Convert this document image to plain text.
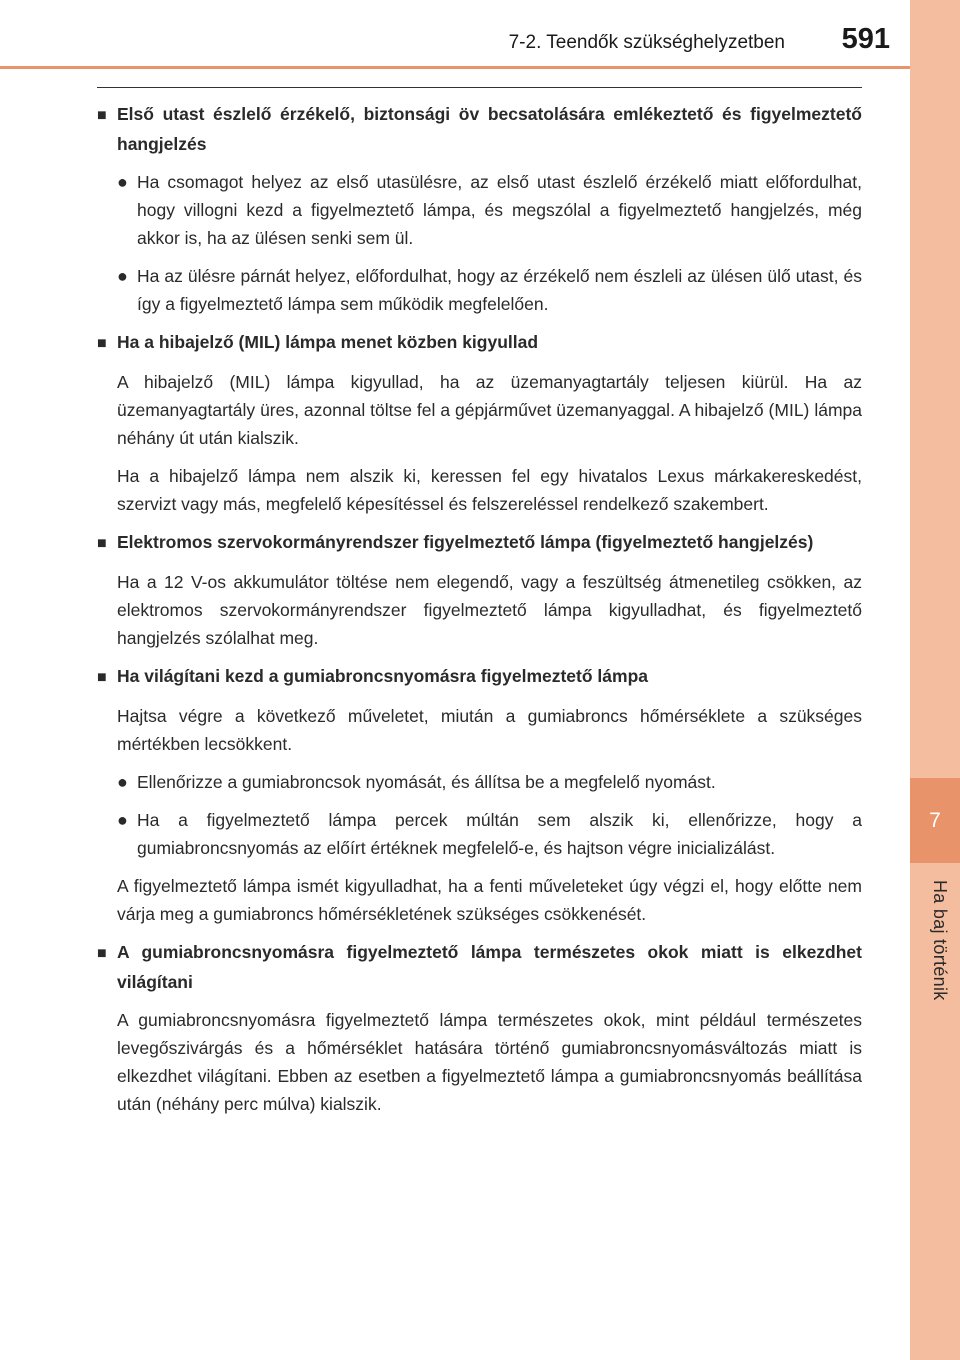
7
Ha baj történik
7-2. Teendők szükséghelyzetben 591
■ Első utast észlelő érzékelő, biztonsági öv becsatolására emlékeztető és figyelmeztető hangjelzés
● Ha csomagot helyez az első utasülésre, az első utast észlelő érzékelő miatt előfordulhat, hogy villogni kezd a figyelmeztető lámpa, és megszólal a figyelmeztető hangjelzés, még akkor is, ha az ülésen senki sem ül.
● Ha az ülésre párnát helyez, előfordulhat, hogy az érzékelő nem észleli az ülésen ülő utast, és így a figyelmeztető lámpa sem működik megfelelően.
■ Ha a hibajelző (MIL) lámpa menet közben kigyullad
A hibajelző (MIL) lámpa kigyullad, ha az üzemanyagtartály teljesen kiürül. Ha az üzemanyagtartály üres, azonnal töltse fel a gépjárművet üzemanyaggal. A hibajelző (MIL) lámpa néhány út után kialszik.
Ha a hibajelző lámpa nem alszik ki, keressen fel egy hivatalos Lexus márkakereskedést, szervizt vagy más, megfelelő képesítéssel és felszereléssel rendelkező szakembert.
■ Elektromos szervokormányrendszer figyelmeztető lámpa (figyelmeztető hangjelzés)
Ha a 12 V-os akkumulátor töltése nem elegendő, vagy a feszültség átmenetileg csökken, az elektromos szervokormányrendszer figyelmeztető lámpa kigyulladhat, és figyelmeztető hangjelzés szólalhat meg.
■ Ha világítani kezd a gumiabroncsnyomásra figyelmeztető lámpa
Hajtsa végre a következő műveletet, miután a gumiabroncs hőmérséklete a szükséges mértékben lecsökkent.
● Ellenőrizze a gumiabroncsok nyomását, és állítsa be a megfelelő nyomást.
● Ha a figyelmeztető lámpa percek múltán sem alszik ki, ellenőrizze, hogy a gumiabroncsnyomás az előírt értéknek megfelelő-e, és hajtson végre inicializálást.
A figyelmeztető lámpa ismét kigyulladhat, ha a fenti műveleteket úgy végzi el, hogy előtte nem várja meg a gumiabroncs hőmérsékletének szükséges csökkenését.
■ A gumiabroncsnyomásra figyelmeztető lámpa természetes okok miatt is elkezdhet világítani
A gumiabroncsnyomásra figyelmeztető lámpa természetes okok, mint például természetes levegőszivárgás és a hőmérséklet hatására történő gumiabroncsnyomásváltozás miatt is elkezdhet világítani. Ebben az esetben a figyelmeztető lámpa a gumiabroncsnyomás beállítása után (néhány perc múlva) kialszik.
